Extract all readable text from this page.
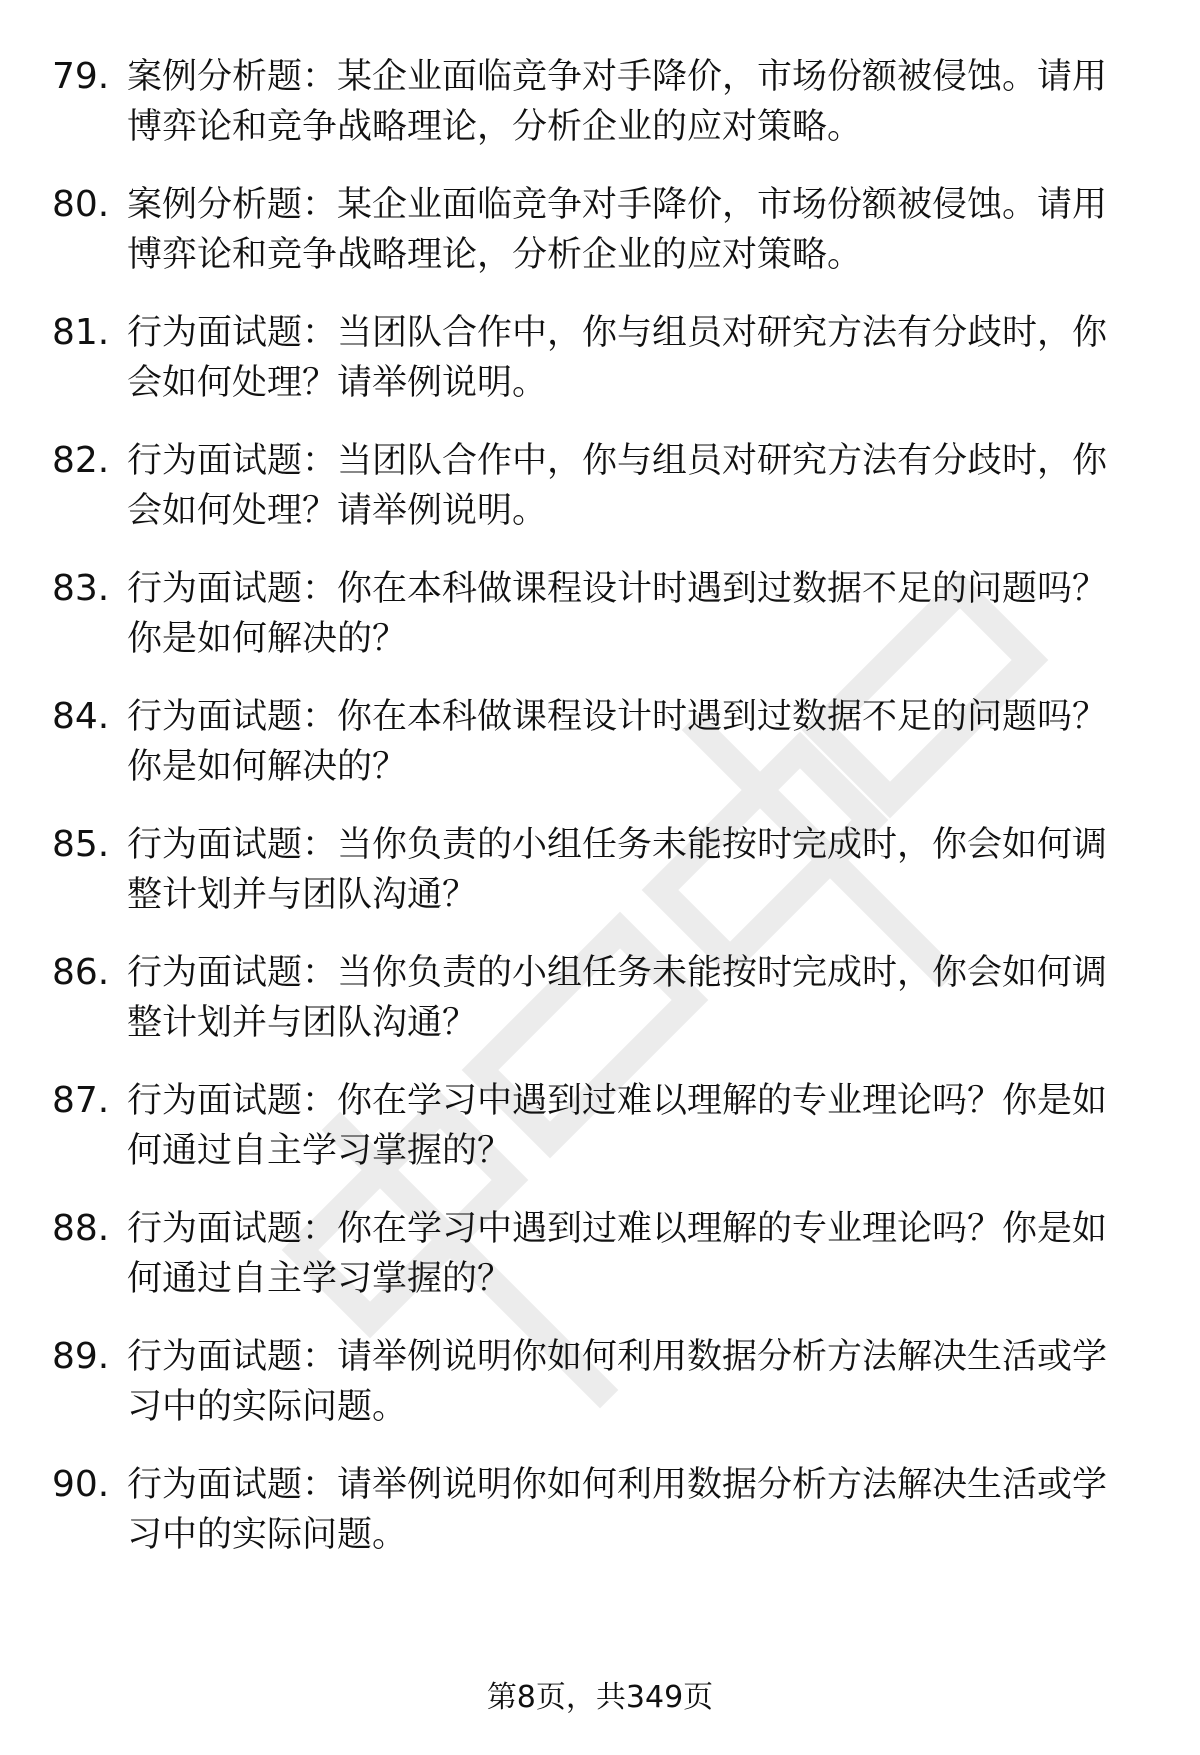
79. 案例分析题：某企业面临竞争对手降价，市场份额被侵蚀。请用
博弈论和竞争战略理论，分析企业的应对策略。
80. 案例分析题：某企业面临竞争对手降价，市场份额被侵蚀。请用
博弈论和竞争战略理论，分析企业的应对策略。
81. 行为面试题：当团队合作中，你与组员对研究方法有分歧时，你
会如何处理？请举例说明。
82. 行为面试题：当团队合作中，你与组员对研究方法有分歧时，你
会如何处理？请举例说明。
83. 行为面试题：你在本科做课程设计时遇到过数据不足的问题吗？
你是如何解决的？
84. 行为面试题：你在本科做课程设计时遇到过数据不足的问题吗？
你是如何解决的？
85. 行为面试题：当你负责的小组任务未能按时完成时，你会如何调
整计划并与团队沟通？
86. 行为面试题：当你负责的小组任务未能按时完成时，你会如何调
整计划并与团队沟通？
87. 行为面试题：你在学习中遇到过难以理解的专业理论吗？你是如
何通过自主学习掌握的？
88. 行为面试题：你在学习中遇到过难以理解的专业理论吗？你是如
何通过自主学习掌握的？
89. 行为面试题：请举例说明你如何利用数据分析方法解决生活或学
习中的实际问题。
90. 行为面试题：请举例说明你如何利用数据分析方法解决生活或学
习中的实际问题。
第8页，共349页
